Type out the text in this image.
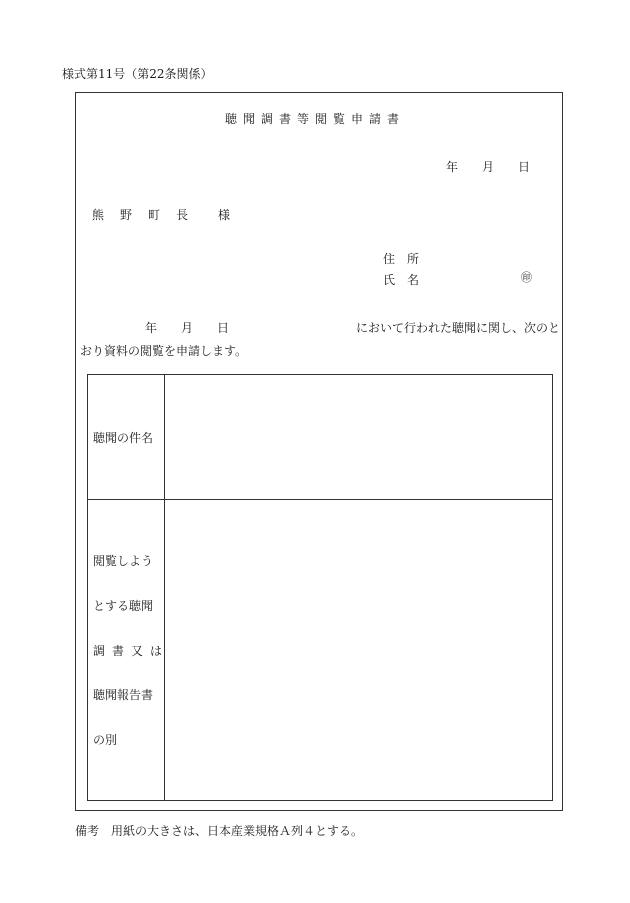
様式第11号（第22条関係）
聴聞調書等閲覧申請書
年　　月　　日
熊　野　町　長　　様
住　所
氏　名	㊞
年　　月　　日	において行われた聴聞に関し、次のと
おり資料の閲覧を申請します。
聴聞の件名
閲覧しよう
とする聴聞
調書又は
聴聞報告書
の別
備考　用紙の大きさは、日本産業規格Ａ列４とする。
